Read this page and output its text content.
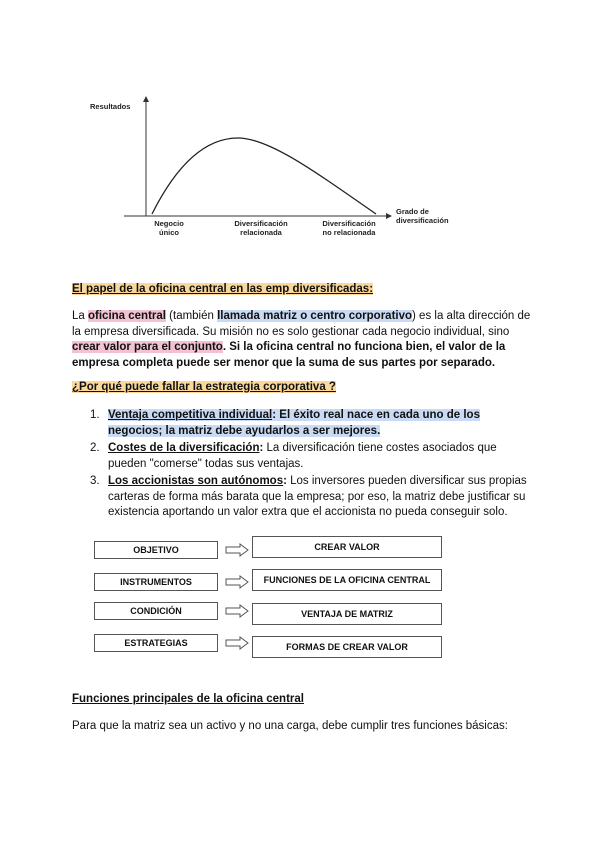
Resultados
Grado de
diversificación
Negocio
único
Diversificación
relacionada
Diversificación
no relacionada
El papel de la oficina central en las emp diversificadas:
La oficina central (también llamada matriz o centro corporativo) es la alta dirección de la empresa diversificada. Su misión no es solo gestionar cada negocio individual, sino crear valor para el conjunto. Si la oficina central no funciona bien, el valor de la empresa completa puede ser menor que la suma de sus partes por separado.
¿Por qué puede fallar la estrategia corporativa ?
1. Ventaja competitiva individual: El éxito real nace en cada uno de los negocios; la matriz debe ayudarlos a ser mejores.
2. Costes de la diversificación: La diversificación tiene costes asociados que pueden "comerse" todas sus ventajas.
3. Los accionistas son autónomos: Los inversores pueden diversificar sus propias carteras de forma más barata que la empresa; por eso, la matriz debe justificar su existencia aportando un valor extra que el accionista no pueda conseguir solo.
OBJETIVO	CREAR VALOR
INSTRUMENTOS	FUNCIONES DE LA OFICINA CENTRAL
CONDICIÓN	VENTAJA DE MATRIZ
ESTRATEGIAS	FORMAS DE CREAR VALOR
Funciones principales de la oficina central
Para que la matriz sea un activo y no una carga, debe cumplir tres funciones básicas:
